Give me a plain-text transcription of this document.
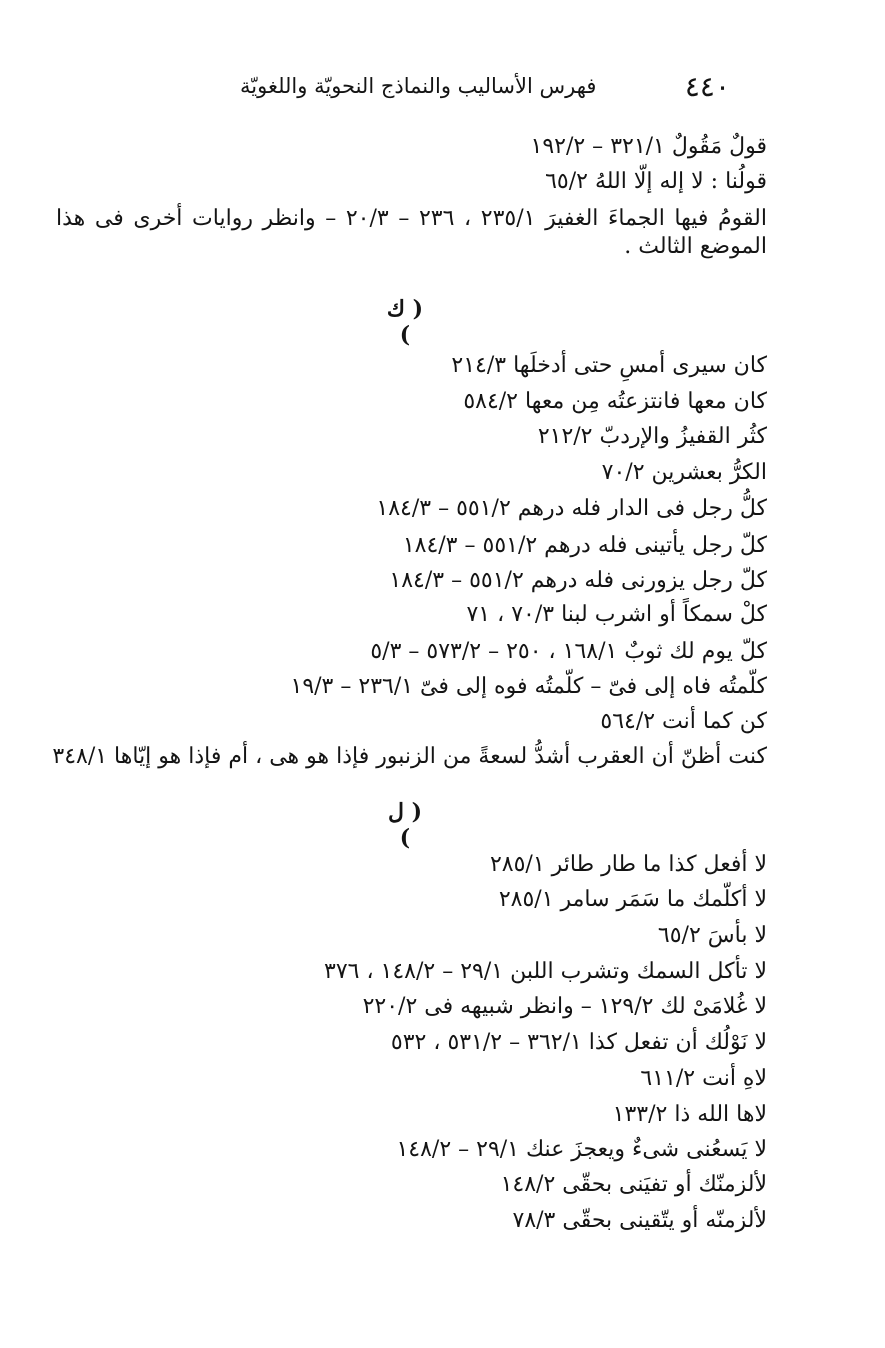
٤٤٠
فهرس الأساليب والنماذج النحويّة واللغويّة
قولٌ مَقُولٌ ٣٢١/١ – ١٩٢/٢
قولُنا : لا إله إلّا اللهُ ٦٥/٢
القومُ فيها الجماءَ الغفيرَ ٢٣٥/١ ، ٢٣٦ – ٢٠/٣ – وانظر روايات أخرى فى هذا الموضع الثالث .
( ك )
كان سيرى أمسِ حتى أدخلَها ٢١٤/٣
كان معها فانتزعتُه مِن معها ٥٨٤/٢
كثُر القفيزُ والإردبّ ٢١٢/٢
الكرُّ بعشرين ٧٠/٢
كلُّ رجل فى الدار فله درهم ٥٥١/٢ – ١٨٤/٣
كلّ رجل يأتينى فله درهم ٥٥١/٢ – ١٨٤/٣
كلّ رجل يزورنى فله درهم ٥٥١/٢ – ١٨٤/٣
كلْ سمكاً أو اشرب لبنا ٧٠/٣ ، ٧١
كلّ يوم لك ثوبٌ ١٦٨/١ ، ٢٥٠ – ٥٧٣/٢ – ٥/٣
كلّمتُه فاه إلى فىّ – كلّمتُه فوه إلى فىّ ٢٣٦/١ – ١٩/٣
كن كما أنت ٥٦٤/٢
كنت أظنّ أن العقرب أشدُّ لسعةً من الزنبور فإذا هو هى ، أم فإذا هو إيّاها ٣٤٨/١
( ل )
لا أفعل كذا ما طار طائر ٢٨٥/١
لا أكلّمك ما سَمَر سامر ٢٨٥/١
لا بأسَ ٦٥/٢
لا تأكل السمك وتشرب اللبن ٢٩/١ – ١٤٨/٢ ، ٣٧٦
لا غُلامَىْ لك ١٢٩/٢ – وانظر شبيهه فى ٢٢٠/٢
لا نَوْلُك أن تفعل كذا ٣٦٢/١ – ٥٣١/٢ ، ٥٣٢
لاهِ أنت ٦١١/٢
لاها الله ذا ١٣٣/٢
لا يَسعُنى شىءٌ ويعجزَ عنك ٢٩/١ – ١٤٨/٢
لألزمنّك أو تفيَنى بحقّى ١٤٨/٢
لألزمنّه أو يتّقينى بحقّى ٧٨/٣
